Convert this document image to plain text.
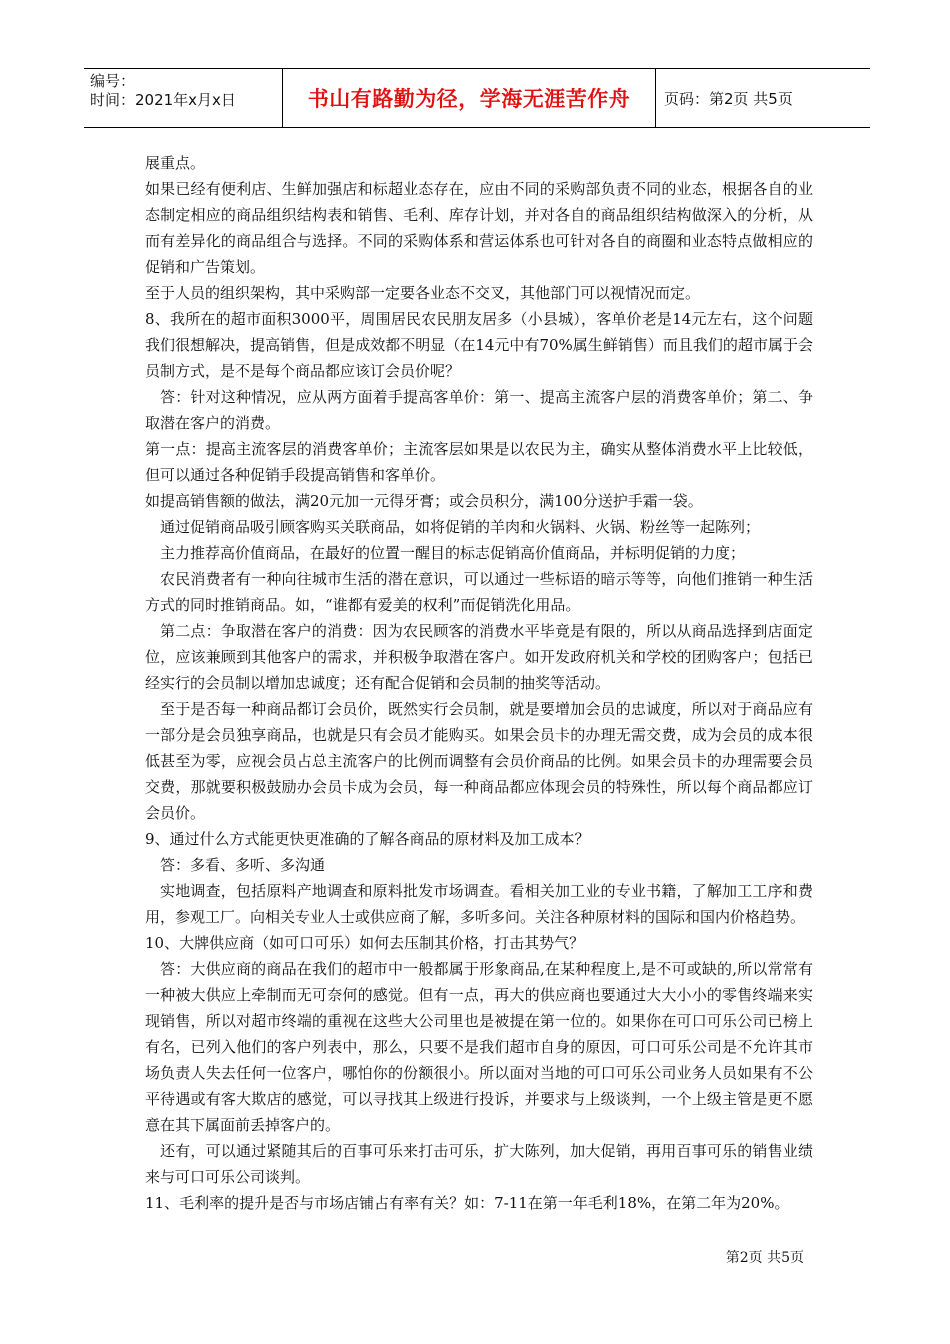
编号：
时间：2021年x月x日	书山有路勤为径，学海无涯苦作舟	页码：第2页 共5页

展重点。

如果已经有便利店、生鲜加强店和标超业态存在，应由不同的采购部负责不同的业态，根据各自的业态制定相应的商品组织结构表和销售、毛利、库存计划，并对各自的商品组织结构做深入的分析，从而有差异化的商品组合与选择。不同的采购体系和营运体系也可针对各自的商圈和业态特点做相应的促销和广告策划。

至于人员的组织架构，其中采购部一定要各业态不交叉，其他部门可以视情况而定。

8、我所在的超市面积3000平，周围居民农民朋友居多（小县城），客单价老是14元左右，这个问题我们很想解决，提高销售，但是成效都不明显（在14元中有70%属生鲜销售）而且我们的超市属于会员制方式，是不是每个商品都应该订会员价呢？

答：针对这种情况，应从两方面着手提高客单价：第一、提高主流客户层的消费客单价；第二、争取潜在客户的消费。

第一点：提高主流客层的消费客单价；主流客层如果是以农民为主，确实从整体消费水平上比较低，但可以通过各种促销手段提高销售和客单价。

如提高销售额的做法，满20元加一元得牙膏；或会员积分，满100分送护手霜一袋。

通过促销商品吸引顾客购买关联商品，如将促销的羊肉和火锅料、火锅、粉丝等一起陈列；

主力推荐高价值商品，在最好的位置一醒目的标志促销高价值商品，并标明促销的力度；

农民消费者有一种向往城市生活的潜在意识，可以通过一些标语的暗示等等，向他们推销一种生活方式的同时推销商品。如，“谁都有爱美的权利”而促销洗化用品。

第二点：争取潜在客户的消费：因为农民顾客的消费水平毕竟是有限的，所以从商品选择到店面定位，应该兼顾到其他客户的需求，并积极争取潜在客户。如开发政府机关和学校的团购客户；包括已经实行的会员制以增加忠诚度；还有配合促销和会员制的抽奖等活动。

至于是否每一种商品都订会员价，既然实行会员制，就是要增加会员的忠诚度，所以对于商品应有一部分是会员独享商品，也就是只有会员才能购买。如果会员卡的办理无需交费，成为会员的成本很低甚至为零，应视会员占总主流客户的比例而调整有会员价商品的比例。如果会员卡的办理需要会员交费，那就要积极鼓励办会员卡成为会员，每一种商品都应体现会员的特殊性，所以每个商品都应订会员价。

9、通过什么方式能更快更准确的了解各商品的原材料及加工成本？

答：多看、多听、多沟通

实地调查，包括原料产地调查和原料批发市场调查。看相关加工业的专业书籍，了解加工工序和费用，参观工厂。向相关专业人士或供应商了解，多听多问。关注各种原材料的国际和国内价格趋势。

10、大牌供应商（如可口可乐）如何去压制其价格，打击其势气？

答：大供应商的商品在我们的超市中一般都属于形象商品,在某种程度上,是不可或缺的,所以常常有一种被大供应上牵制而无可奈何的感觉。但有一点，再大的供应商也要通过大大小小的零售终端来实现销售，所以对超市终端的重视在这些大公司里也是被提在第一位的。如果你在可口可乐公司已榜上有名，已列入他们的客户列表中，那么，只要不是我们超市自身的原因，可口可乐公司是不允许其市场负责人失去任何一位客户，哪怕你的份额很小。所以面对当地的可口可乐公司业务人员如果有不公平待遇或有客大欺店的感觉，可以寻找其上级进行投诉，并要求与上级谈判，一个上级主管是更不愿意在其下属面前丢掉客户的。

还有，可以通过紧随其后的百事可乐来打击可乐，扩大陈列，加大促销，再用百事可乐的销售业绩来与可口可乐公司谈判。

11、毛利率的提升是否与市场店铺占有率有关？如：7-11在第一年毛利18%，在第二年为20%。

第2页 共5页
